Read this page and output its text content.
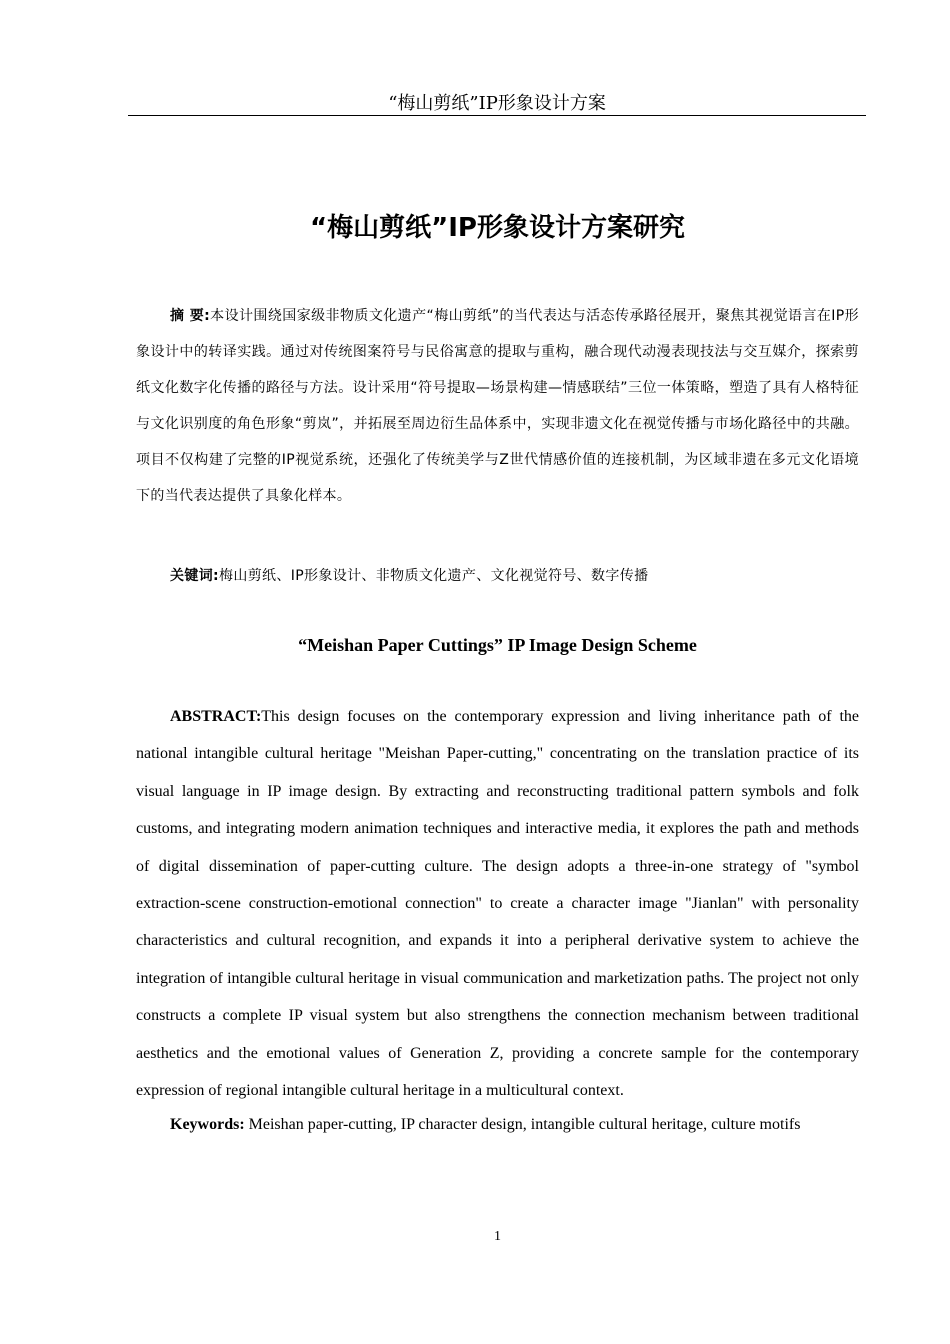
“梅山剪纸”IP形象设计方案
“梅山剪纸”IP形象设计方案研究

摘 要:本设计围绕国家级非物质文化遗产“梅山剪纸”的当代表达与活态传承路径展开，聚焦其视觉语言在IP形象设计中的转译实践。通过对传统图案符号与民俗寓意的提取与重构，融合现代动漫表现技法与交互媒介，探索剪纸文化数字化传播的路径与方法。设计采用“符号提取—场景构建—情感联结”三位一体策略，塑造了具有人格特征与文化识别度的角色形象“剪岚”，并拓展至周边衍生品体系中，实现非遗文化在视觉传播与市场化路径中的共融。项目不仅构建了完整的IP视觉系统，还强化了传统美学与Z世代情感价值的连接机制，为区域非遗在多元文化语境下的当代表达提供了具象化样本。

关键词:梅山剪纸、IP形象设计、非物质文化遗产、文化视觉符号、数字传播

“Meishan Paper Cuttings” IP Image Design Scheme

ABSTRACT:This design focuses on the contemporary expression and living inheritance path of the national intangible cultural heritage "Meishan Paper-cutting," concentrating on the translation practice of its visual language in IP image design. By extracting and reconstructing traditional pattern symbols and folk customs, and integrating modern animation techniques and interactive media, it explores the path and methods of digital dissemination of paper-cutting culture. The design adopts a three-in-one strategy of "symbol extraction-scene construction-emotional connection" to create a character image "Jianlan" with personality characteristics and cultural recognition, and expands it into a peripheral derivative system to achieve the integration of intangible cultural heritage in visual communication and marketization paths. The project not only constructs a complete IP visual system but also strengthens the connection mechanism between traditional aesthetics and the emotional values of Generation Z, providing a concrete sample for the contemporary expression of regional intangible cultural heritage in a multicultural context.

Keywords: Meishan paper-cutting, IP character design, intangible cultural heritage, culture motifs

1
